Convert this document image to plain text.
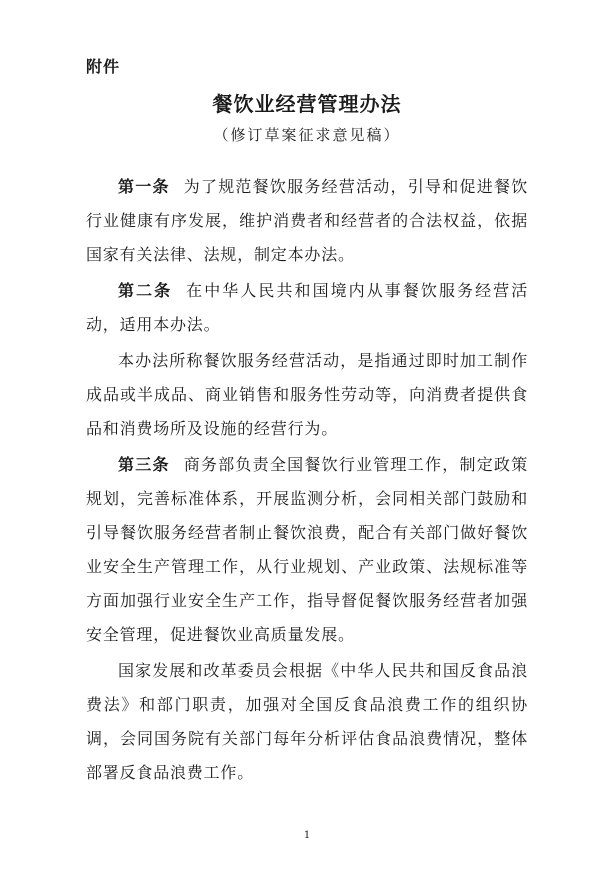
附件
餐饮业经营管理办法
（修订草案征求意见稿）

第一条 为了规范餐饮服务经营活动，引导和促进餐饮行业健康有序发展，维护消费者和经营者的合法权益，依据国家有关法律、法规，制定本办法。

第二条 在中华人民共和国境内从事餐饮服务经营活动，适用本办法。

本办法所称餐饮服务经营活动，是指通过即时加工制作成品或半成品、商业销售和服务性劳动等，向消费者提供食品和消费场所及设施的经营行为。

第三条 商务部负责全国餐饮行业管理工作，制定政策规划，完善标准体系，开展监测分析，会同相关部门鼓励和引导餐饮服务经营者制止餐饮浪费，配合有关部门做好餐饮业安全生产管理工作，从行业规划、产业政策、法规标准等方面加强行业安全生产工作，指导督促餐饮服务经营者加强安全管理，促进餐饮业高质量发展。

国家发展和改革委员会根据《中华人民共和国反食品浪费法》和部门职责，加强对全国反食品浪费工作的组织协调，会同国务院有关部门每年分析评估食品浪费情况，整体部署反食品浪费工作。

1
